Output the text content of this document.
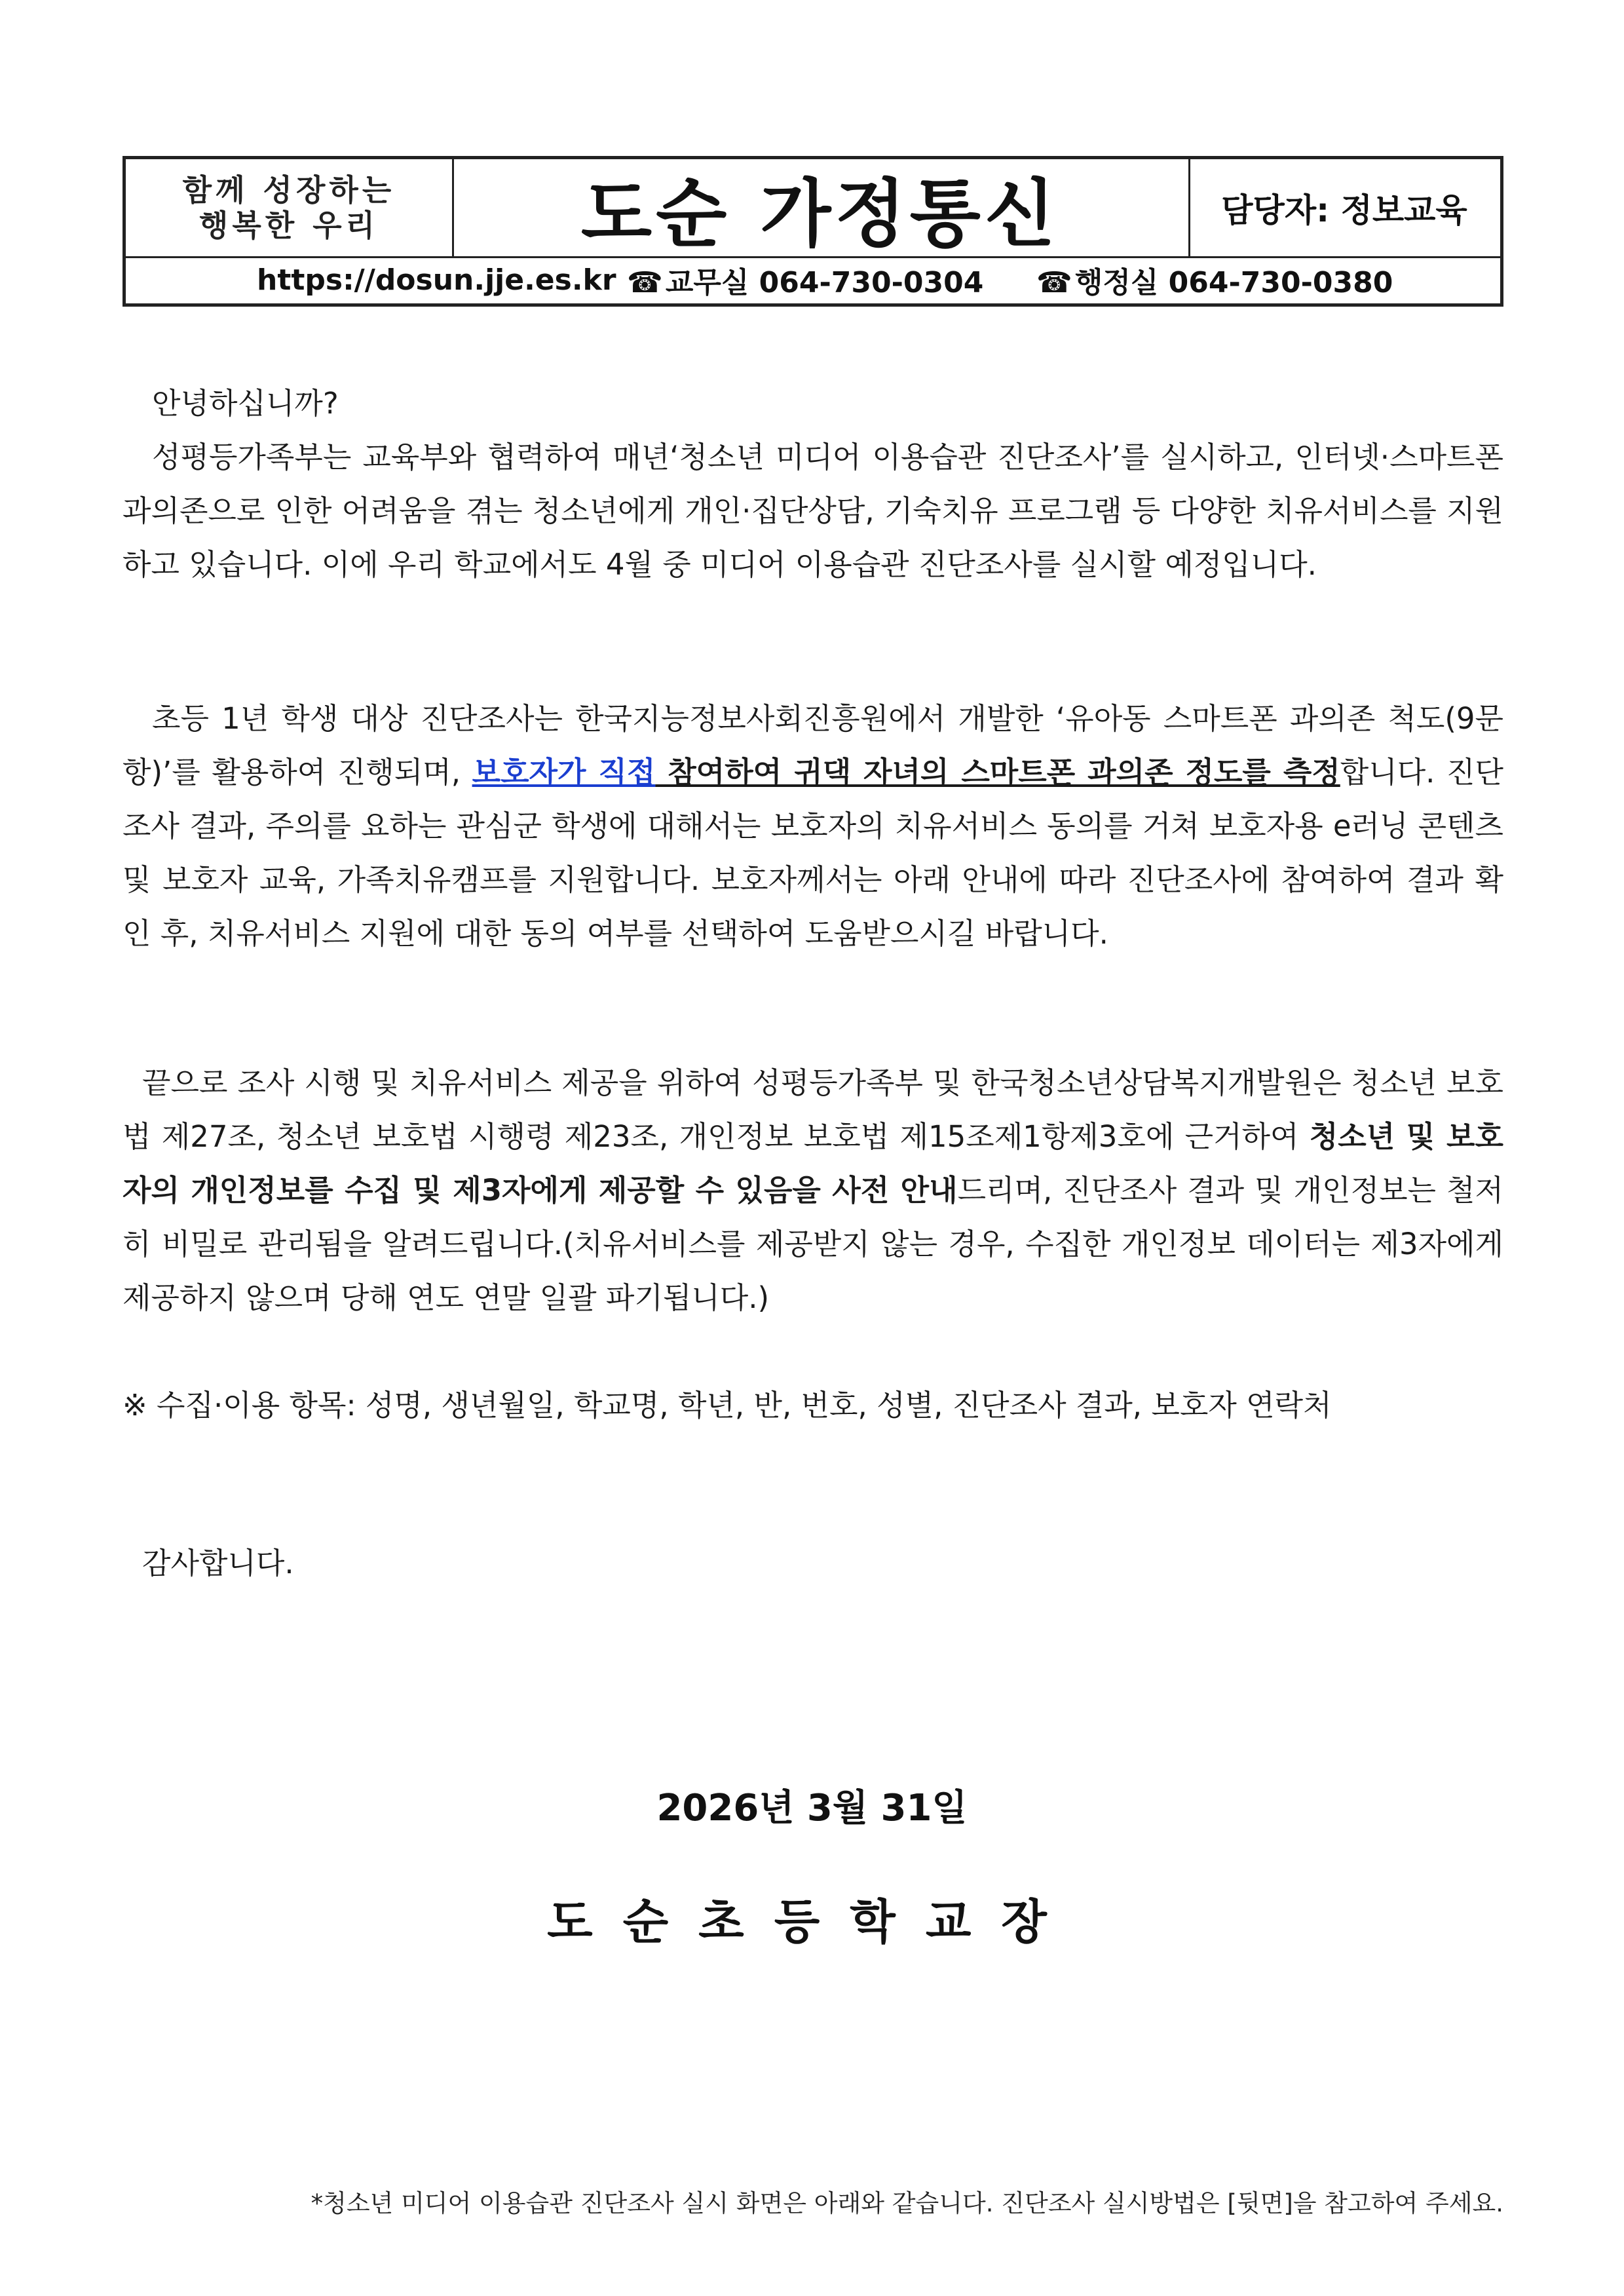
함께 성장하는
행복한 우리	도순 가정통신	담당자: 정보교육
https://dosun.jje.es.kr ☎교무실 064-730-0304 ☎행정실 064-730-0380

안녕하십니까?

성평등가족부는 교육부와 협력하여 매년‘청소년 미디어 이용습관 진단조사’를 실시하고, 인터넷·스마트폰 과의존으로 인한 어려움을 겪는 청소년에게 개인·집단상담, 기숙치유 프로그램 등 다양한 치유서비스를 지원하고 있습니다. 이에 우리 학교에서도 4월 중 미디어 이용습관 진단조사를 실시할 예정입니다.

초등 1년 학생 대상 진단조사는 한국지능정보사회진흥원에서 개발한 ‘유아동 스마트폰 과의존 척도(9문항)’를 활용하여 진행되며, 보호자가 직접 참여하여 귀댁 자녀의 스마트폰 과의존 정도를 측정합니다. 진단조사 결과, 주의를 요하는 관심군 학생에 대해서는 보호자의 치유서비스 동의를 거쳐 보호자용 e러닝 콘텐츠 및 보호자 교육, 가족치유캠프를 지원합니다. 보호자께서는 아래 안내에 따라 진단조사에 참여하여 결과 확인 후, 치유서비스 지원에 대한 동의 여부를 선택하여 도움받으시길 바랍니다.

끝으로 조사 시행 및 치유서비스 제공을 위하여 성평등가족부 및 한국청소년상담복지개발원은 청소년 보호법 제27조, 청소년 보호법 시행령 제23조, 개인정보 보호법 제15조제1항제3호에 근거하여 청소년 및 보호자의 개인정보를 수집 및 제3자에게 제공할 수 있음을 사전 안내드리며, 진단조사 결과 및 개인정보는 철저히 비밀로 관리됨을 알려드립니다.(치유서비스를 제공받지 않는 경우, 수집한 개인정보 데이터는 제3자에게 제공하지 않으며 당해 연도 연말 일괄 파기됩니다.)

※ 수집·이용 항목: 성명, 생년월일, 학교명, 학년, 반, 번호, 성별, 진단조사 결과, 보호자 연락처

감사합니다.

2026년 3월 31일
도순초등학교장
*청소년 미디어 이용습관 진단조사 실시 화면은 아래와 같습니다. 진단조사 실시방법은 [뒷면]을 참고하여 주세요.
